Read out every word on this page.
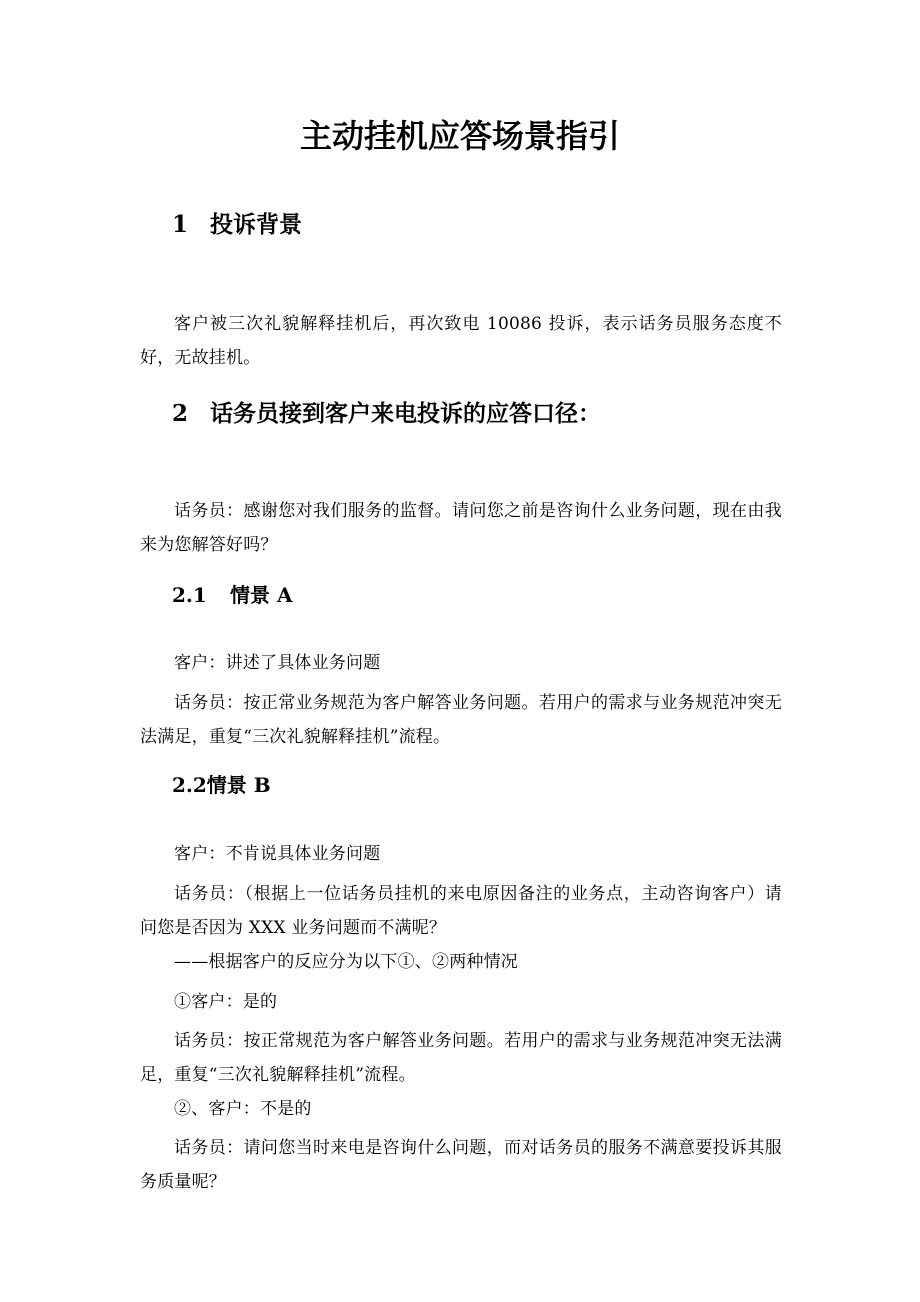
主动挂机应答场景指引
1 投诉背景

客户被三次礼貌解释挂机后，再次致电 10086 投诉，表示话务员服务态度不好，无故挂机。

2 话务员接到客户来电投诉的应答口径：

话务员：感谢您对我们服务的监督。请问您之前是咨询什么业务问题，现在由我来为您解答好吗？

2.1 情景 A

客户：讲述了具体业务问题

话务员：按正常业务规范为客户解答业务问题。若用户的需求与业务规范冲突无法满足，重复“三次礼貌解释挂机”流程。

2.2情景 B

客户：不肯说具体业务问题

话务员：（根据上一位话务员挂机的来电原因备注的业务点，主动咨询客户）请问您是否因为 XXX 业务问题而不满呢？

——根据客户的反应分为以下①、②两种情况

①客户：是的

话务员：按正常规范为客户解答业务问题。若用户的需求与业务规范冲突无法满足，重复“三次礼貌解释挂机”流程。

②、客户：不是的

话务员：请问您当时来电是咨询什么问题，而对话务员的服务不满意要投诉其服务质量呢？
